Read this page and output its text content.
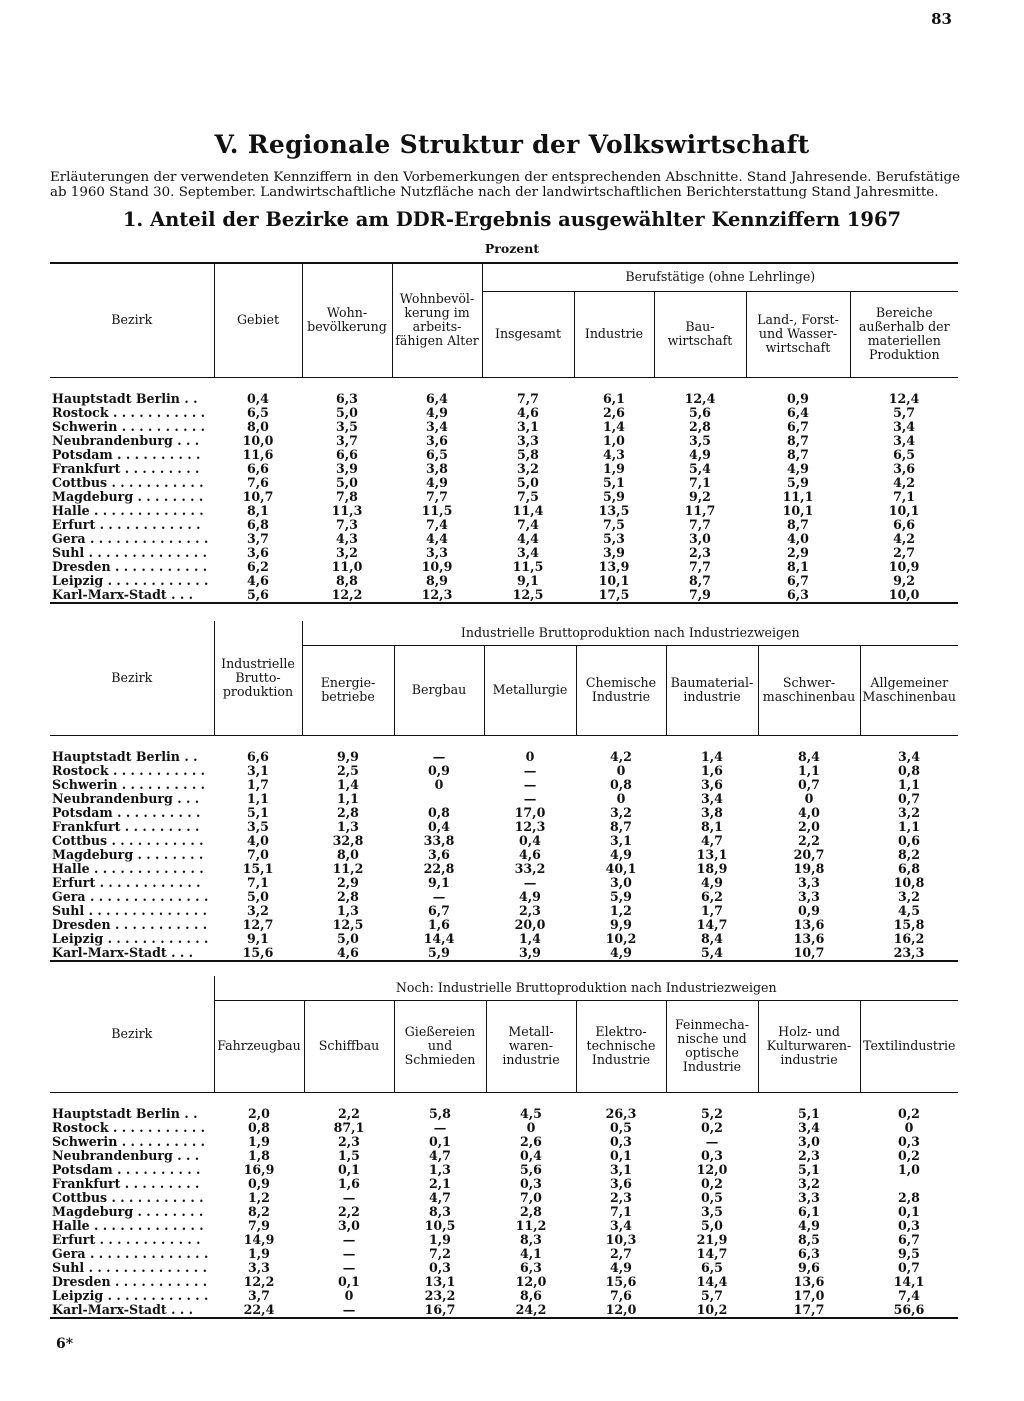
83
V. Regionale Struktur der Volkswirtschaft
Erläuterungen der verwendeten Kennziffern in den Vorbemerkungen der entsprechenden Abschnitte. Stand Jahresende. Berufstätige ab 1960 Stand 30. September. Landwirtschaftliche Nutzfläche nach der landwirtschaftlichen Berichterstattung Stand Jahresmitte.
1. Anteil der Bezirke am DDR-Ergebnis ausgewählter Kennziffern 1967
Prozent
Bezirk	Gebiet	Wohnbevölkerung	Wohnbevölkerung im arbeitsfähigen Alter	Berufstätige (ohne Lehrlinge)				
				Insgesamt	Industrie	Bauwirtschaft	Land-, Forst- und Wasserwirtschaft	Bereiche außerhalb der materiellen Produktion

Hauptstadt Berlin . .	0,4	6,3	6,4	7,7	6,1	12,4	0,9	12,4
Rostock . . . . . . . . . . .	6,5	5,0	4,9	4,6	2,6	5,6	6,4	5,7
Schwerin . . . . . . . . . .	8,0	3,5	3,4	3,1	1,4	2,8	6,7	3,4
Neubrandenburg . . .	10,0	3,7	3,6	3,3	1,0	3,5	8,7	3,4
Potsdam . . . . . . . . . .	11,6	6,6	6,5	5,8	4,3	4,9	8,7	6,5
Frankfurt . . . . . . . . .	6,6	3,9	3,8	3,2	1,9	5,4	4,9	3,6
Cottbus . . . . . . . . . . .	7,6	5,0	4,9	5,0	5,1	7,1	5,9	4,2
Magdeburg . . . . . . . .	10,7	7,8	7,7	7,5	5,9	9,2	11,1	7,1
Halle . . . . . . . . . . . . .	8,1	11,3	11,5	11,4	13,5	11,7	10,1	10,1
Erfurt . . . . . . . . . . . .	6,8	7,3	7,4	7,4	7,5	7,7	8,7	6,6
Gera . . . . . . . . . . . . . .	3,7	4,3	4,4	4,4	5,3	3,0	4,0	4,2
Suhl . . . . . . . . . . . . . .	3,6	3,2	3,3	3,4	3,9	2,3	2,9	2,7
Dresden . . . . . . . . . . .	6,2	11,0	10,9	11,5	13,9	7,7	8,1	10,9
Leipzig . . . . . . . . . . . .	4,6	8,8	8,9	9,1	10,1	8,7	6,7	9,2
Karl-Marx-Stadt . . .	5,6	12,2	12,3	12,5	17,5	7,9	6,3	10,0
Bezirk	Industrielle Bruttoproduktion	Industrielle Bruttoproduktion nach Industriezweigen						
		Energiebetriebe	Bergbau	Metallurgie	Chemische Industrie	Baumaterialindustrie	Schwermaschinenbau	Allgemeiner Maschinenbau

Hauptstadt Berlin . .	6,6	9,9	—	0	4,2	1,4	8,4	3,4
Rostock . . . . . . . . . . .	3,1	2,5	0,9	—	0	1,6	1,1	0,8
Schwerin . . . . . . . . . .	1,7	1,4	0	—	0,8	3,6	0,7	1,1
Neubrandenburg . . .	1,1	1,1		—	0	3,4	0	0,7
Potsdam . . . . . . . . . .	5,1	2,8	0,8	17,0	3,2	3,8	4,0	3,2
Frankfurt . . . . . . . . .	3,5	1,3	0,4	12,3	8,7	8,1	2,0	1,1
Cottbus . . . . . . . . . . .	4,0	32,8	33,8	0,4	3,1	4,7	2,2	0,6
Magdeburg . . . . . . . .	7,0	8,0	3,6	4,6	4,9	13,1	20,7	8,2
Halle . . . . . . . . . . . . .	15,1	11,2	22,8	33,2	40,1	18,9	19,8	6,8
Erfurt . . . . . . . . . . . .	7,1	2,9	9,1	—	3,0	4,9	3,3	10,8
Gera . . . . . . . . . . . . . .	5,0	2,8	—	4,9	5,9	6,2	3,3	3,2
Suhl . . . . . . . . . . . . . .	3,2	1,3	6,7	2,3	1,2	1,7	0,9	4,5
Dresden . . . . . . . . . . .	12,7	12,5	1,6	20,0	9,9	14,7	13,6	15,8
Leipzig . . . . . . . . . . . .	9,1	5,0	14,4	1,4	10,2	8,4	13,6	16,2
Karl-Marx-Stadt . . .	15,6	4,6	5,9	3,9	4,9	5,4	10,7	23,3
Bezirk	Noch: Industrielle Bruttoproduktion nach Industriezweigen							
	Fahrzeugbau	Schiffbau	Gießereien und Schmieden	Metallwarenindustrie	Elektrotechnische Industrie	Feinmechanische und optische Industrie	Holz- und Kulturwarenindustrie	Textilindustrie

Hauptstadt Berlin . .	2,0	2,2	5,8	4,5	26,3	5,2	5,1	0,2
Rostock . . . . . . . . . . .	0,8	87,1	—	0	0,5	0,2	3,4	0
Schwerin . . . . . . . . . .	1,9	2,3	0,1	2,6	0,3	—	3,0	0,3
Neubrandenburg . . .	1,8	1,5	4,7	0,4	0,1	0,3	2,3	0,2
Potsdam . . . . . . . . . .	16,9	0,1	1,3	5,6	3,1	12,0	5,1	1,0
Frankfurt . . . . . . . . .	0,9	1,6	2,1	0,3	3,6	0,2	3,2	
Cottbus . . . . . . . . . . .	1,2	—	4,7	7,0	2,3	0,5	3,3	2,8
Magdeburg . . . . . . . .	8,2	2,2	8,3	2,8	7,1	3,5	6,1	0,1
Halle . . . . . . . . . . . . .	7,9	3,0	10,5	11,2	3,4	5,0	4,9	0,3
Erfurt . . . . . . . . . . . .	14,9	—	1,9	8,3	10,3	21,9	8,5	6,7
Gera . . . . . . . . . . . . . .	1,9	—	7,2	4,1	2,7	14,7	6,3	9,5
Suhl . . . . . . . . . . . . . .	3,3	—	0,3	6,3	4,9	6,5	9,6	0,7
Dresden . . . . . . . . . . .	12,2	0,1	13,1	12,0	15,6	14,4	13,6	14,1
Leipzig . . . . . . . . . . . .	3,7	0	23,2	8,6	7,6	5,7	17,0	7,4
Karl-Marx-Stadt . . .	22,4	—	16,7	24,2	12,0	10,2	17,7	56,6
6*
